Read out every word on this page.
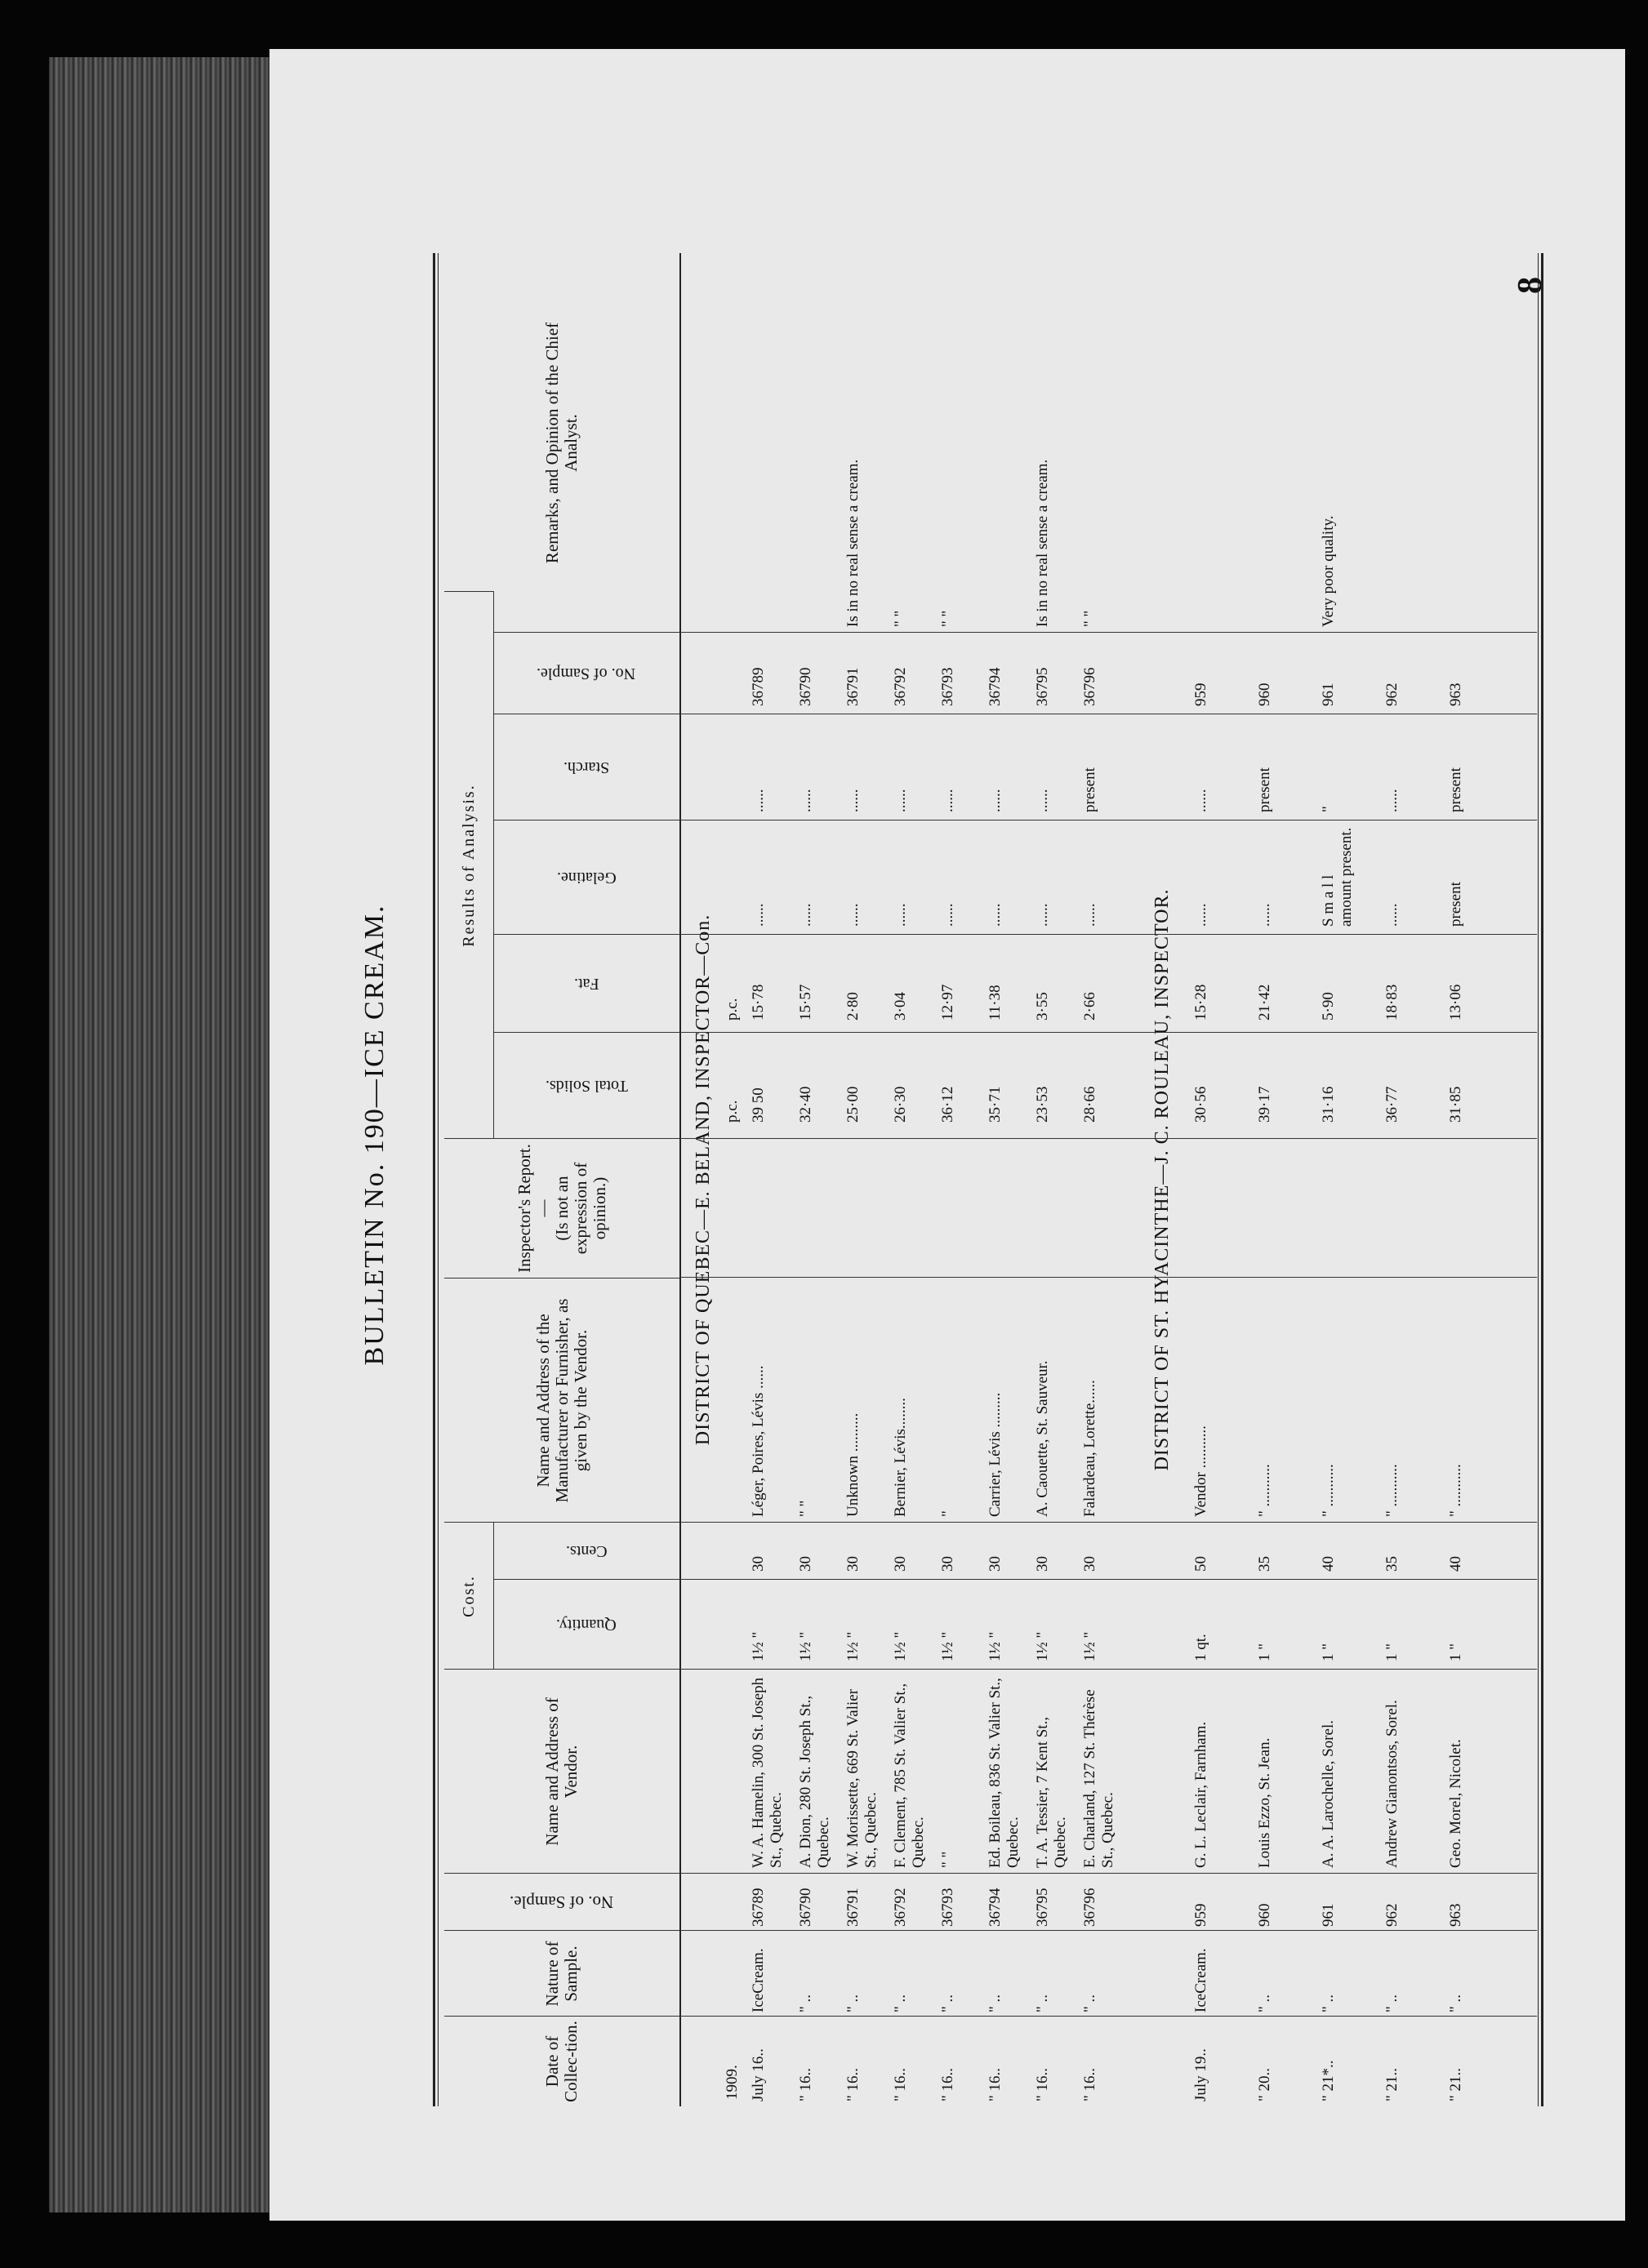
BULLETIN No. 190—ICE CREAM.
8
Date of Collec-tion.
Nature of Sample.
No. of Sample.
Name and Address of Vendor.
Cost.
Quantity.
Cents.
Name and Address of the Manufacturer or Furnisher, as given by the Vendor.
Inspector's Report. — (Is not an expression of opinion.)
Results of Analysis.
Total Solids.
Fat.
Gelatine.
Starch.
No. of Sample.
Remarks, and Opinion of the Chief Analyst.
DISTRICT OF QUEBEC—E. BELAND, INSPECTOR—Con.
1909.
p.c.
p.c.
July 16..
IceCream.
36789
W. A. Hamelin, 300 St. Joseph St., Quebec.
1½ "
30
Léger, Poires, Lévis ......
39 50
15·78
......
......
36789
" 16..
" ..
36790
A. Dion, 280 St. Joseph St., Quebec.
1½ "
30
" "
32·40
15·57
......
......
36790
" 16..
" ..
36791
W. Morissette, 669 St. Valier St., Quebec.
1½ "
30
Unknown ..........
25·00
2·80
......
......
36791
Is in no real sense a cream.
" 16..
" ..
36792
F. Clement, 785 St. Valier St., Quebec.
1½ "
30
Bernier, Lévis........
26·30
3·04
......
......
36792
" "
" 16..
" ..
36793
" "
1½ "
30
"
36·12
12·97
......
......
36793
" "
" 16..
" ..
36794
Ed. Boileau, 836 St. Valier St., Quebec.
1½ "
30
Carrier, Lévis .........
35·71
11·38
......
......
36794
" 16..
" ..
36795
T. A. Tessier, 7 Kent St., Quebec.
1½ "
30
A. Caouette, St. Sauveur.
23·53
3·55
......
......
36795
Is in no real sense a cream.
" 16..
" ..
36796
E. Charland, 127 St. Thérèse St., Quebec.
1½ "
30
Falardeau, Lorette......
28·66
2·66
......
present
36796
" "
DISTRICT OF ST. HYACINTHE—J. C. ROULEAU, INSPECTOR.
July 19..
IceCream.
959
G. L. Leclair, Farnham.
1 qt.
50
Vendor ...........
30·56
15·28
......
......
959
" 20..
" ..
960
Louis Ezzo, St. Jean.
1 "
35
" ...........
39·17
21·42
......
present
960
" 21*..
" ..
961
A. A. Larochelle, Sorel.
1 "
40
" ...........
31·16
5·90
S m a l l amount present.
"
961
Very poor quality.
" 21..
" ..
962
Andrew Gianontsos, Sorel.
1 "
35
" ...........
36·77
18·83
......
......
962
" 21..
" ..
963
Geo. Morel, Nicolet.
1 "
40
" ...........
31·85
13·06
present
present
963
